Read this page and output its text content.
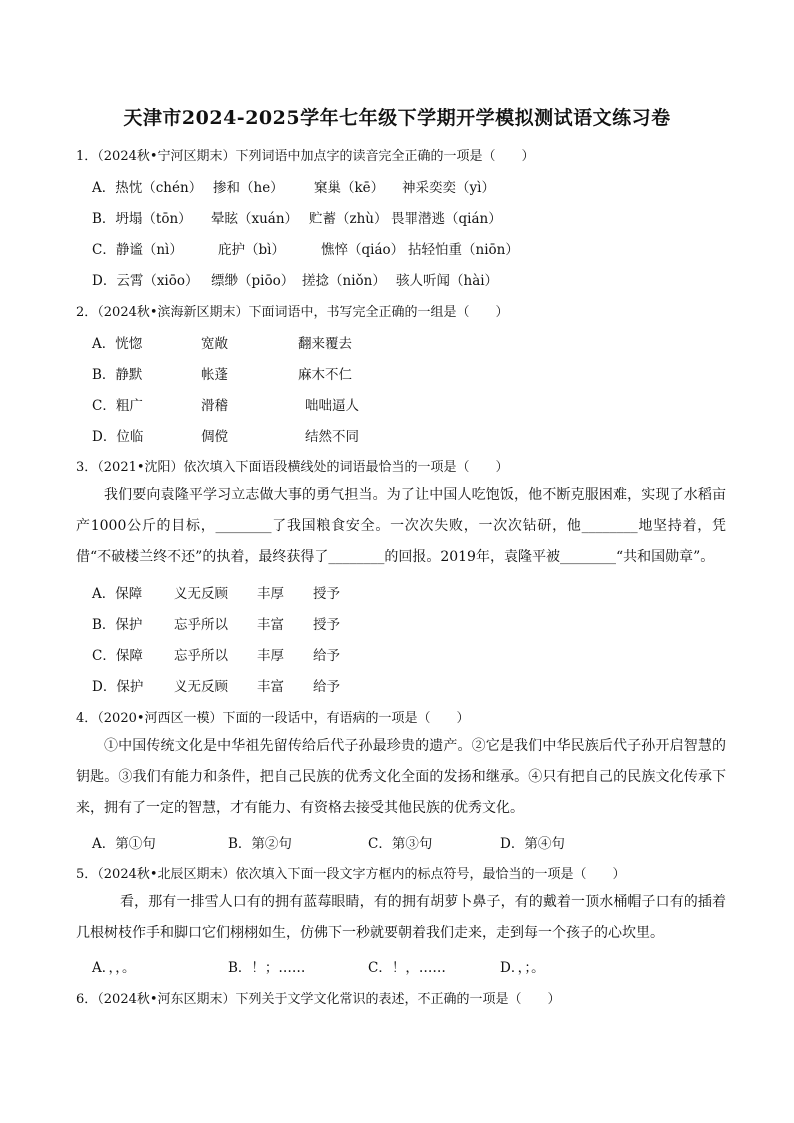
天津市2024-2025学年七年级下学期开学模拟测试语文练习卷
1．（2024秋•宁河区期末）下列词语中加点字的读音完全正确的一项是（　　）
A．热忱（chén） 掺和（he） 窠巢（kē） 神采奕奕（yì）
B．坍塌（tōn） 晕眩（xuán） 贮蓄（zhù） 畏罪潜逃（qián）
C．静谧（nì）	庇护（bì）	憔悴（qiáo） 拈轻怕重（niōn）
D．云霄（xiōo） 缥缈（piōo） 搓捻（niǒn） 骇人听闻（hài）
2．（2024秋•滨海新区期末）下面词语中，书写完全正确的一组是（　　）
A．恍惚	宽敞	翻来覆去
B．静默	帐蓬	麻木不仁
C．粗广	滑稽	咄咄逼人
D．位临	倜傥	结然不同
3．（2021•沈阳）依次填入下面语段横线处的词语最恰当的一项是（　　）

我们要向袁隆平学习立志做大事的勇气担当。为了让中国人吃饱饭，他不断克服困难，实现了水稻亩产1000公斤的目标，________了我国粮食安全。一次次失败，一次次钻研，他________地坚持着，凭借“不破楼兰终不还”的执着，最终获得了________的回报。2019年，袁隆平被________“共和国勋章”。

A．保障 义无反顾 丰厚 授予
B．保护 忘乎所以 丰富 授予
C．保障 忘乎所以 丰厚 给予
D．保护 义无反顾 丰富 给予
4．（2020•河西区一模）下面的一段话中，有语病的一项是（　　）

①中国传统文化是中华祖先留传给后代子孙最珍贵的遗产。②它是我们中华民族后代子孙开启智慧的钥匙。③我们有能力和条件，把自己民族的优秀文化全面的发扬和继承。④只有把自己的民族文化传承下来，拥有了一定的智慧，才有能力、有资格去接受其他民族的优秀文化。

A．第①句	B．第②句	C．第③句	D．第④句
5．（2024秋•北辰区期末）依次填入下面一段文字方框内的标点符号，最恰当的一项是（　　）

看，那有一排雪人口有的拥有蓝莓眼睛，有的拥有胡萝卜鼻子，有的戴着一顶水桶帽子口有的插着几根树枝作手和脚口它们栩栩如生，仿佛下一秒就要朝着我们走来，走到每一个孩子的心坎里。

A．，，。	B．！；……	C．！，……	D．，；。
6．（2024秋•河东区期末）下列关于文学文化常识的表述，不正确的一项是（　　）
